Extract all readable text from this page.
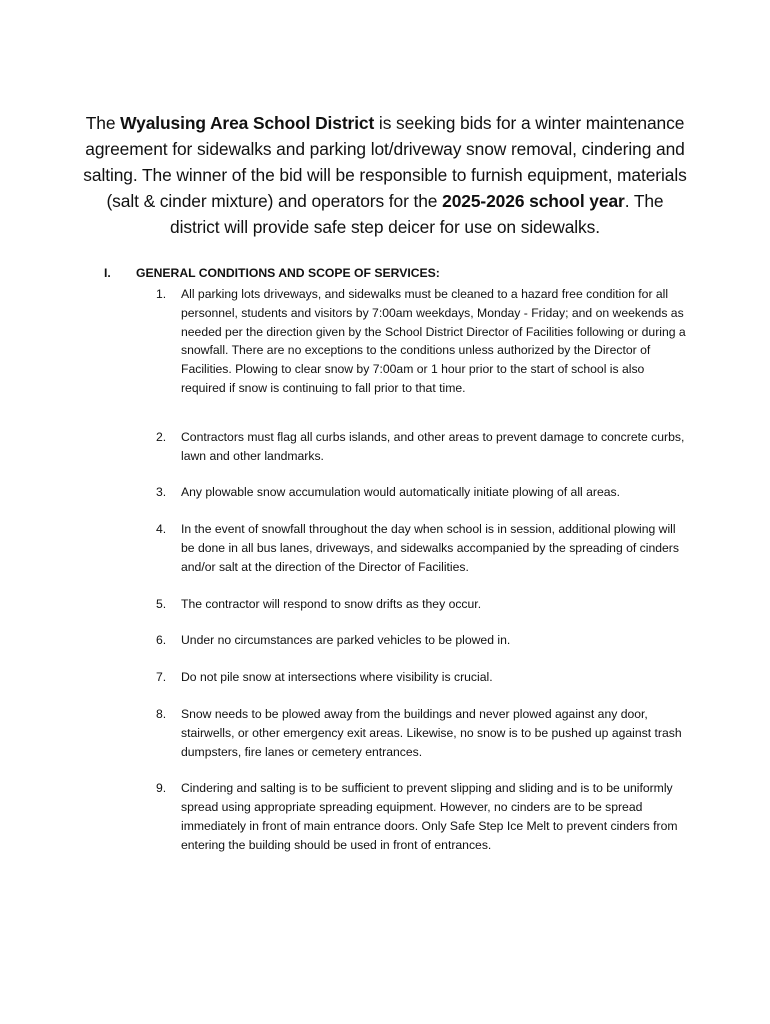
The Wyalusing Area School District is seeking bids for a winter maintenance agreement for sidewalks and parking lot/driveway snow removal, cindering and salting. The winner of the bid will be responsible to furnish equipment, materials (salt & cinder mixture) and operators for the 2025-2026 school year. The district will provide safe step deicer for use on sidewalks.

I. GENERAL CONDITIONS AND SCOPE OF SERVICES:
1. All parking lots driveways, and sidewalks must be cleaned to a hazard free condition for all personnel, students and visitors by 7:00am weekdays, Monday - Friday; and on weekends as needed per the direction given by the School District Director of Facilities following or during a snowfall. There are no exceptions to the conditions unless authorized by the Director of Facilities. Plowing to clear snow by 7:00am or 1 hour prior to the start of school is also required if snow is continuing to fall prior to that time.
2. Contractors must flag all curbs islands, and other areas to prevent damage to concrete curbs, lawn and other landmarks.
3. Any plowable snow accumulation would automatically initiate plowing of all areas.
4. In the event of snowfall throughout the day when school is in session, additional plowing will be done in all bus lanes, driveways, and sidewalks accompanied by the spreading of cinders and/or salt at the direction of the Director of Facilities.
5. The contractor will respond to snow drifts as they occur.
6. Under no circumstances are parked vehicles to be plowed in.
7. Do not pile snow at intersections where visibility is crucial.
8. Snow needs to be plowed away from the buildings and never plowed against any door, stairwells, or other emergency exit areas. Likewise, no snow is to be pushed up against trash dumpsters, fire lanes or cemetery entrances.
9. Cindering and salting is to be sufficient to prevent slipping and sliding and is to be uniformly spread using appropriate spreading equipment. However, no cinders are to be spread immediately in front of main entrance doors. Only Safe Step Ice Melt to prevent cinders from entering the building should be used in front of entrances.
